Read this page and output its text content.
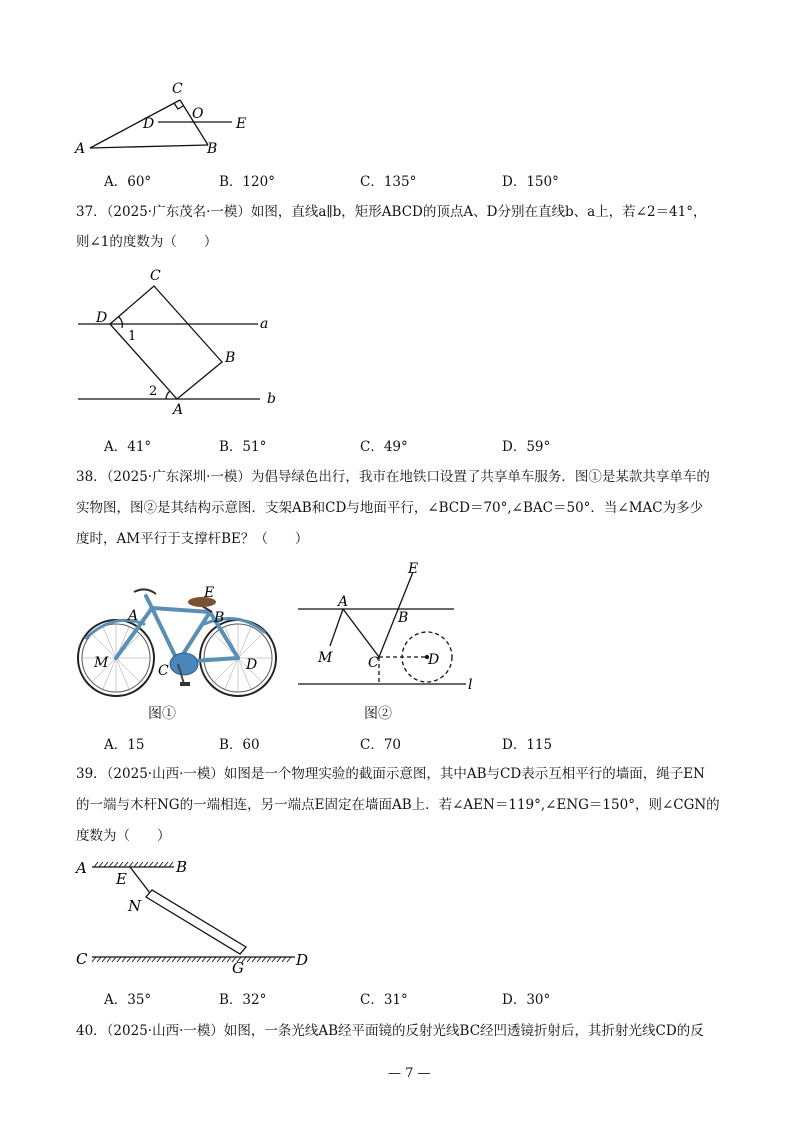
A	B
C
D
O
E
A．60°	B．120°	C．135°	D．150°
37．（2025·广东茂名·一模）如图，直线a∥b，矩形ABCD的顶点A、D分别在直线b、a上，若∠2＝41°，
则∠1的度数为（　　）
C
D
B
A
a
b
1
2
A．41°	B．51°	C．49°	D．59°
38．（2025·广东深圳·一模）为倡导绿色出行，我市在地铁口设置了共享单车服务．图①是某款共享单车的
实物图，图②是其结构示意图．支架AB和CD与地面平行，∠BCD＝70°,∠BAC＝50°．当∠MAC为多少
度时，AM平行于支撑杆BE？（　　）
E
A	B
M	C	D
图①
E
A
B
M	C	D
l
图②
A．15	B．60	C．70	D．115
39．（2025·山西·一模）如图是一个物理实验的截面示意图，其中AB与CD表示互相平行的墙面，绳子EN
的一端与木杆NG的一端相连，另一端点E固定在墙面AB上．若∠AEN＝119°,∠ENG＝150°，则∠CGN的
度数为（　　）
A	B
E
N
C	G	D
A．35°	B．32°	C．31°	D．30°
40．（2025·山西·一模）如图，一条光线AB经平面镜的反射光线BC经凹透镜折射后，其折射光线CD的反
— 7 —
